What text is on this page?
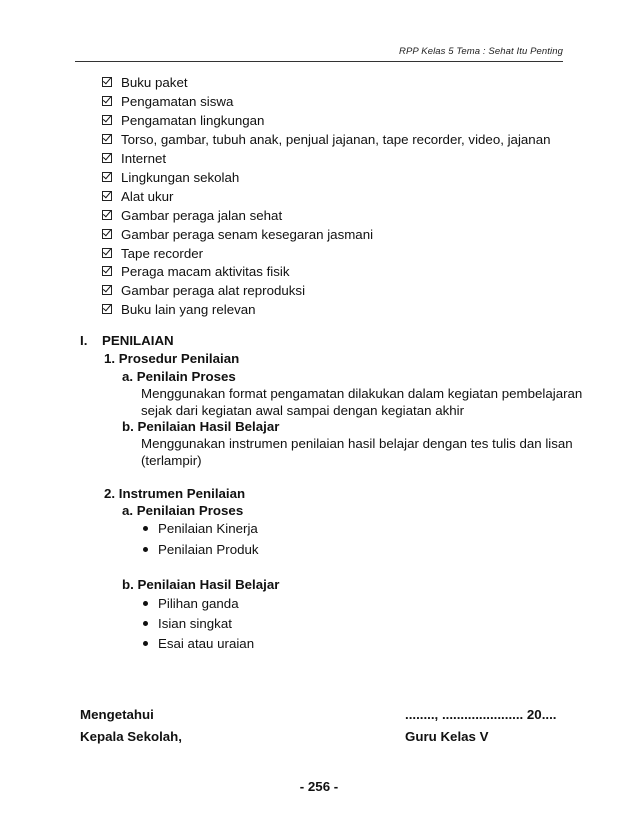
RPP Kelas 5 Tema : Sehat Itu Penting
Buku paket
Pengamatan siswa
Pengamatan lingkungan
Torso, gambar, tubuh anak, penjual jajanan, tape recorder, video, jajanan
Internet
Lingkungan sekolah
Alat ukur
Gambar peraga jalan sehat
Gambar peraga senam kesegaran jasmani
Tape recorder
Peraga macam aktivitas fisik
Gambar peraga alat reproduksi
Buku lain yang relevan
I. PENILAIAN
1. Prosedur Penilaian
a. Penilain Proses
Menggunakan format pengamatan dilakukan dalam kegiatan pembelajaran
sejak dari kegiatan awal sampai dengan kegiatan akhir
b. Penilaian Hasil Belajar
Menggunakan instrumen penilaian hasil belajar dengan tes tulis dan lisan
(terlampir)
2. Instrumen Penilaian
a. Penilaian Proses
Penilaian Kinerja
Penilaian Produk
b. Penilaian Hasil Belajar
Pilihan ganda
Isian singkat
Esai atau uraian
Mengetahui
Kepala Sekolah,
........, ...................... 20....
Guru Kelas V
- 256 -
